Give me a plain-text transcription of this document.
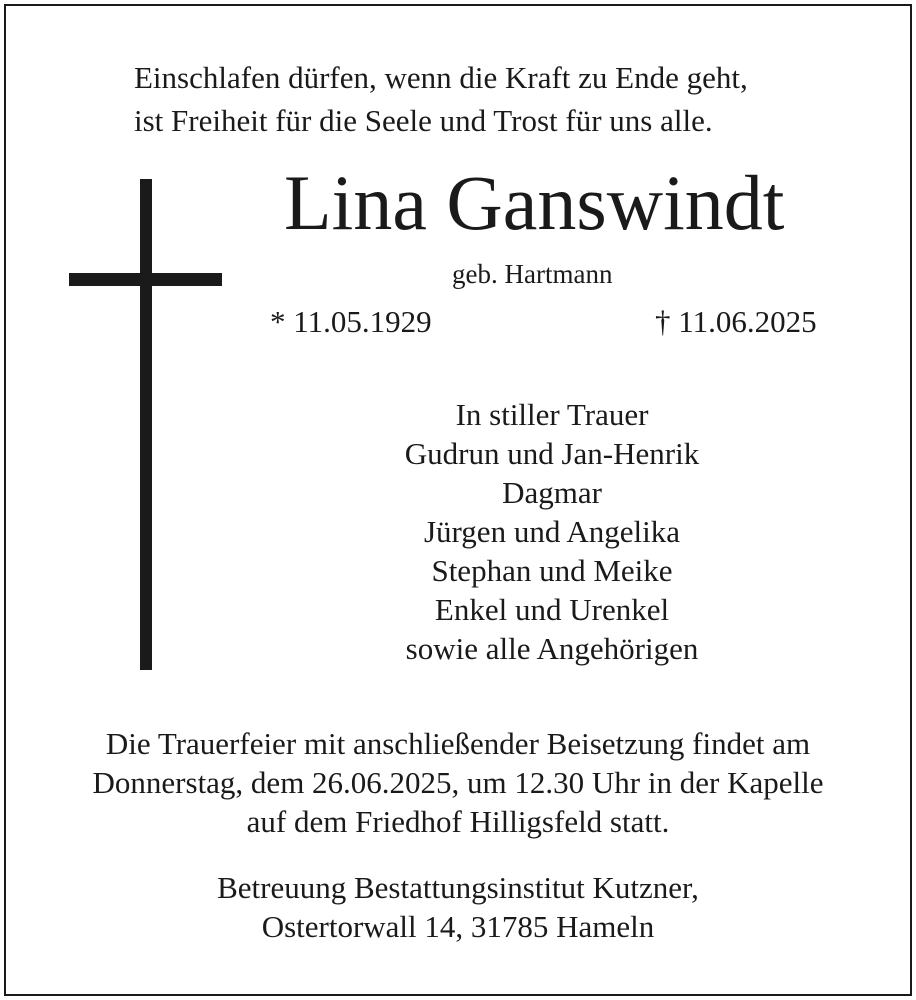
Einschlafen dürfen, wenn die Kraft zu Ende geht,
ist Freiheit für die Seele und Trost für uns alle.
Lina Ganswindt
geb. Hartmann
* 11.05.1929	† 11.06.2025
In stiller Trauer
Gudrun und Jan-Henrik
Dagmar
Jürgen und Angelika
Stephan und Meike
Enkel und Urenkel
sowie alle Angehörigen
Die Trauerfeier mit anschließender Beisetzung findet am
Donnerstag, dem 26.06.2025, um 12.30 Uhr in der Kapelle
auf dem Friedhof Hilligsfeld statt.
Betreuung Bestattungsinstitut Kutzner,
Ostertorwall 14, 31785 Hameln
